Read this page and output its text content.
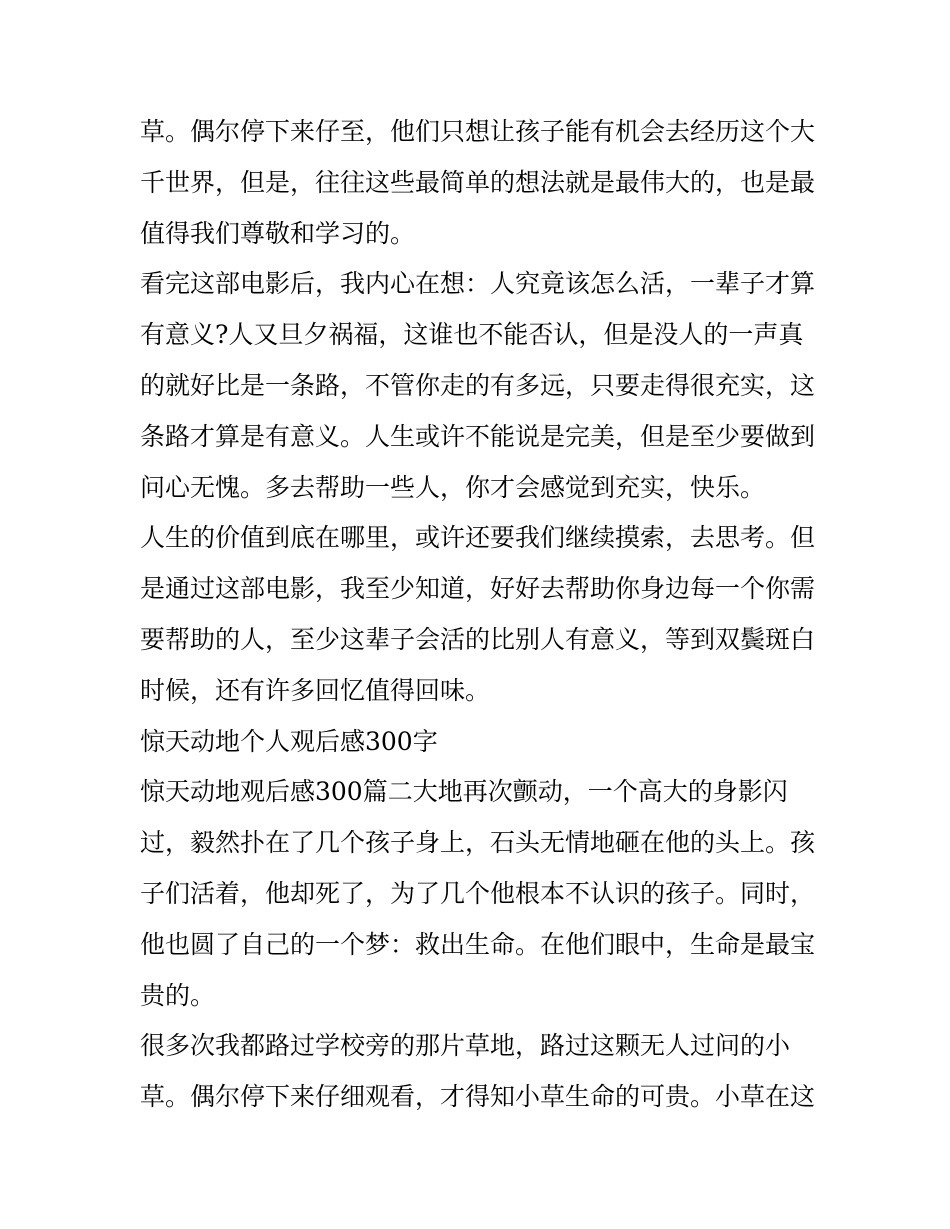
草。偶尔停下来仔至，他们只想让孩子能有机会去经历这个大
千世界，但是，往往这些最简单的想法就是最伟大的，也是最
值得我们尊敬和学习的。
看完这部电影后，我内心在想：人究竟该怎么活，一辈子才算
有意义?人又旦夕祸福，这谁也不能否认，但是没人的一声真
的就好比是一条路，不管你走的有多远，只要走得很充实，这
条路才算是有意义。人生或许不能说是完美，但是至少要做到
问心无愧。多去帮助一些人，你才会感觉到充实，快乐。
人生的价值到底在哪里，或许还要我们继续摸索，去思考。但
是通过这部电影，我至少知道，好好去帮助你身边每一个你需
要帮助的人，至少这辈子会活的比别人有意义，等到双鬓斑白
时候，还有许多回忆值得回味。
惊天动地个人观后感300字
惊天动地观后感300篇二大地再次颤动，一个高大的身影闪
过，毅然扑在了几个孩子身上，石头无情地砸在他的头上。孩
子们活着，他却死了，为了几个他根本不认识的孩子。同时，
他也圆了自己的一个梦：救出生命。在他们眼中，生命是最宝
贵的。
很多次我都路过学校旁的那片草地，路过这颗无人过问的小
草。偶尔停下来仔细观看，才得知小草生命的可贵。小草在这
